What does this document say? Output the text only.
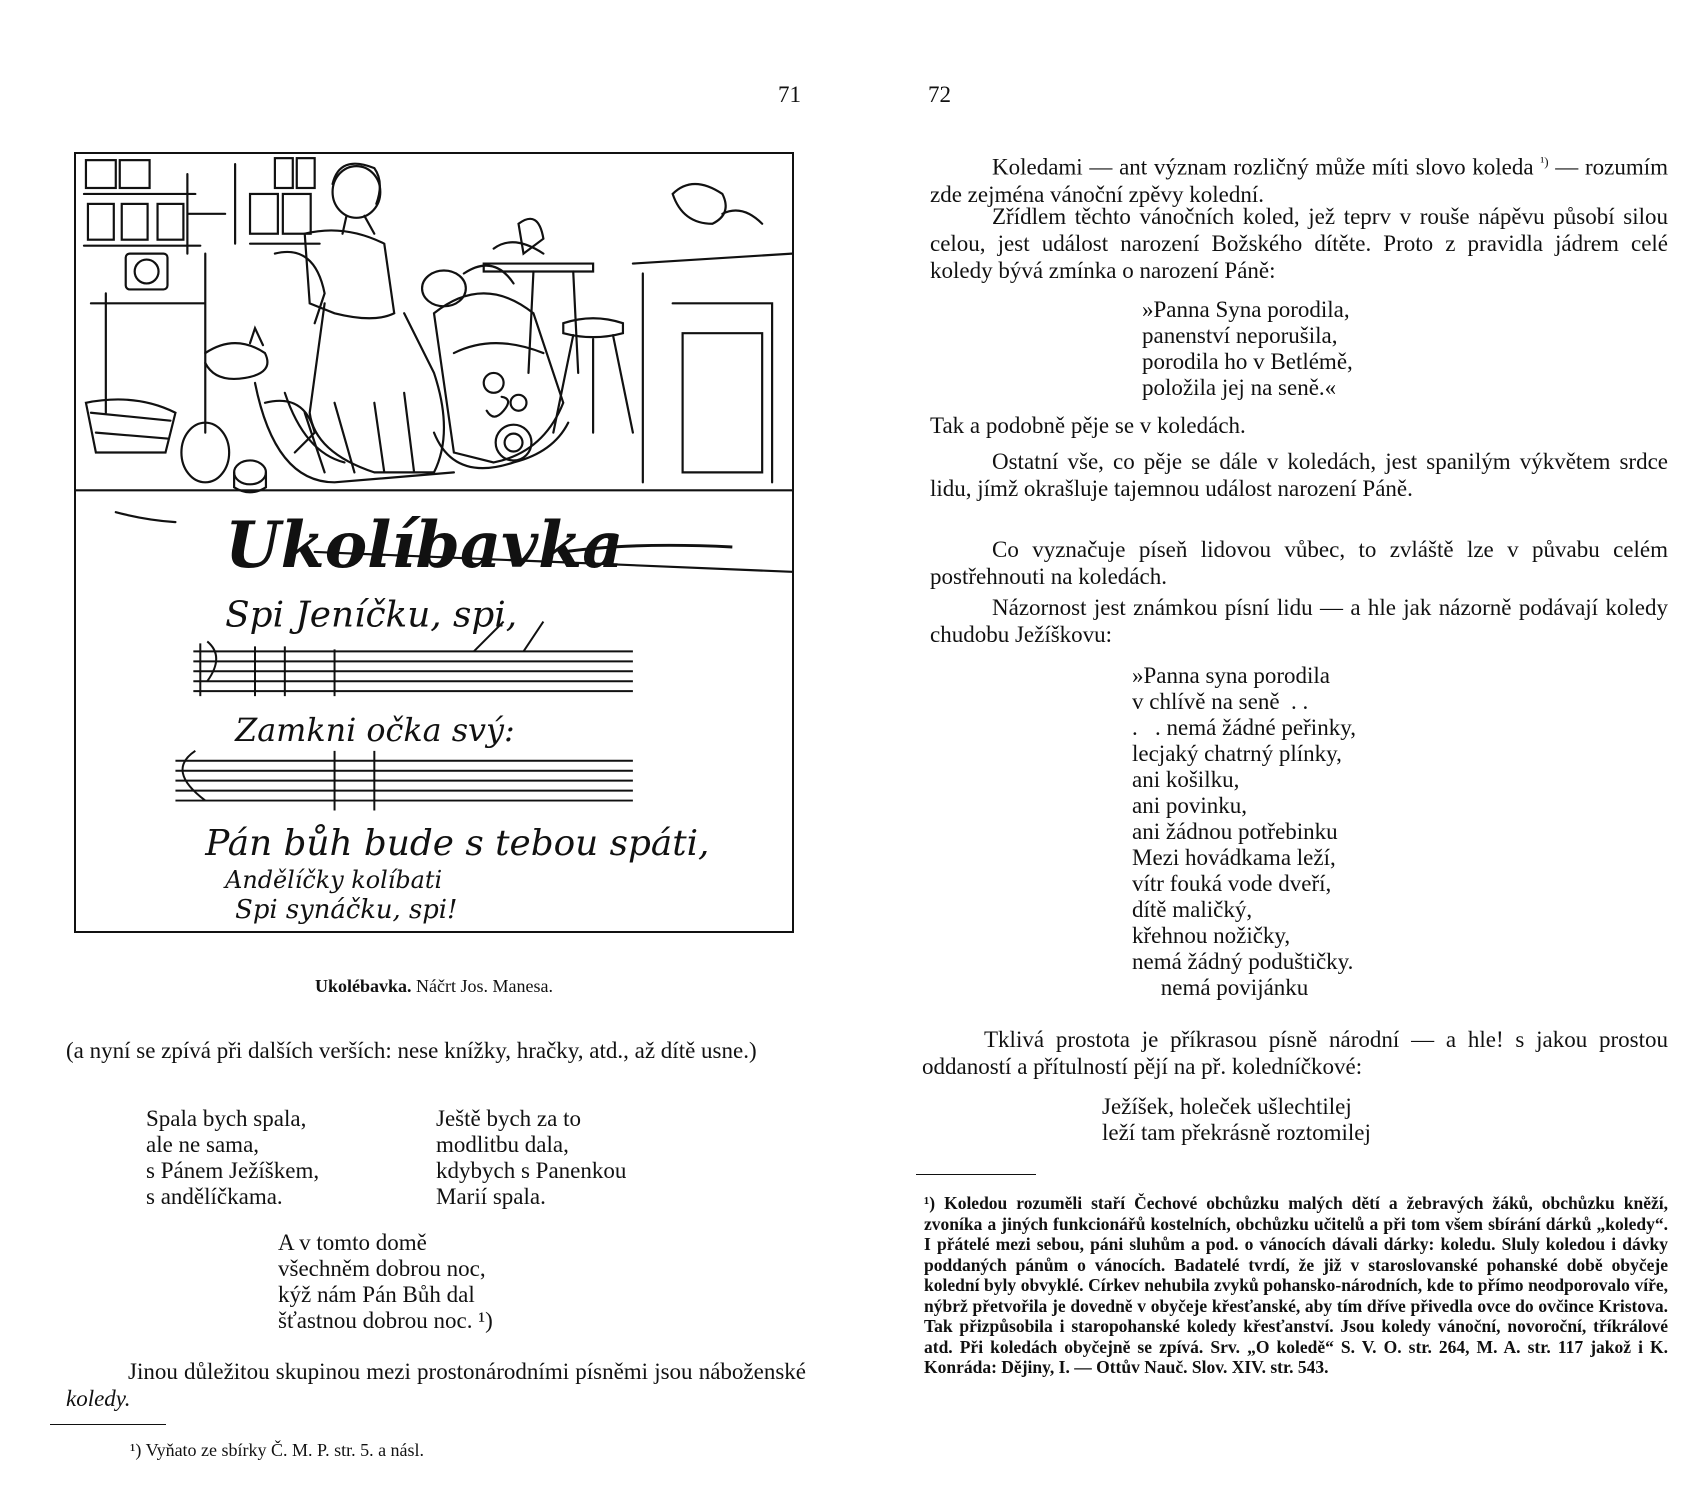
71
Ukolíbavka
Spi Jeníčku, spi,
Zamkni očka svý:
Pán bůh bude s tebou spáti,
Andělíčky kolíbati
Spi synáčku, spi!
Ukolébavka. Náčrt Jos. Manesa.
(a nyní se zpívá při dalších verších: nese knížky, hračky, atd., až dítě usne.)
Spala bych spala,
ale ne sama,
s Pánem Ježíškem,
s andělíčkama.
Ještě bych za to
modlitbu dala,
kdybych s Panenkou
Marií spala.
A v tomto domě
všechněm dobrou noc,
kýž nám Pán Bůh dal
šťastnou dobrou noc. ¹)
Jinou důležitou skupinou mezi prostonárodními písněmi jsou náboženské koledy.
¹) Vyňato ze sbírky Č. M. P. str. 5. a násl.
72
Koledami — ant význam rozličný může míti slovo koleda $^{^1)}$ — rozumím zde zejména vánoční zpěvy kolední.
Zřídlem těchto vánočních koled, jež teprv v rouše nápěvu působí silou celou, jest událost narození Božského dítěte. Proto z pravidla jádrem celé koledy bývá zmínka o narození Páně:
»Panna Syna porodila,
panenství neporušila,
porodila ho v Betlémě,
položila jej na seně.«
Tak a podobně pěje se v koledách.
Ostatní vše, co pěje se dále v koledách, jest spanilým výkvětem srdce lidu, jímž okrašluje tajemnou událost narození Páně.
Co vyznačuje píseň lidovou vůbec, to zvláště lze v půvabu celém postřehnouti na koledách.
Názornost jest známkou písní lidu — a hle jak názorně podávají koledy chudobu Ježíškovu:
»Panna syna porodila
v chlívě na seně  . .
.   . nemá žádné peřinky,
lecjaký chatrný plínky,
ani košilku,
ani povinku,
ani žádnou potřebinku
Mezi hovádkama leží,
vítr fouká vode dveří,
dítě maličký,
křehnou nožičky,
nemá žádný poduštičky.
nemá povijánku
Tklivá prostota je příkrasou písně národní — a hle! s jakou prostou oddaností a přítulností pějí na př. koledníčkové:
Ježíšek, holeček ušlechtilej
leží tam překrásně roztomilej
¹) Koledou rozuměli staří Čechové obchůzku malých dětí a žebravých žáků, obchůzku kněží, zvoníka a jiných funkcionářů kostelních, obchůzku učitelů a při tom všem sbírání dárků „koledy“. I přátelé mezi sebou, páni sluhům a pod. o vánocích dávali dárky: koledu. Sluly koledou i dávky poddaných pánům o vánocích. Badatelé tvrdí, že již v staroslovanské pohanské době obyčeje kolední byly obvyklé. Církev nehubila zvyků pohansko-národních, kde to přímo neodporovalo víře, nýbrž přetvořila je dovedně v obyčeje křesťanské, aby tím dříve přivedla ovce do ovčince Kristova. Tak přizpůsobila i staropohanské koledy křesťanství. Jsou koledy vánoční, novoroční, tříkrálové atd. Při koledách obyčejně se zpívá. Srv. „O koledě“ S. V. O. str. 264, M. A. str. 117 jakož i K. Konráda: Dějiny, I. — Ottův Nauč. Slov. XIV. str. 543.
